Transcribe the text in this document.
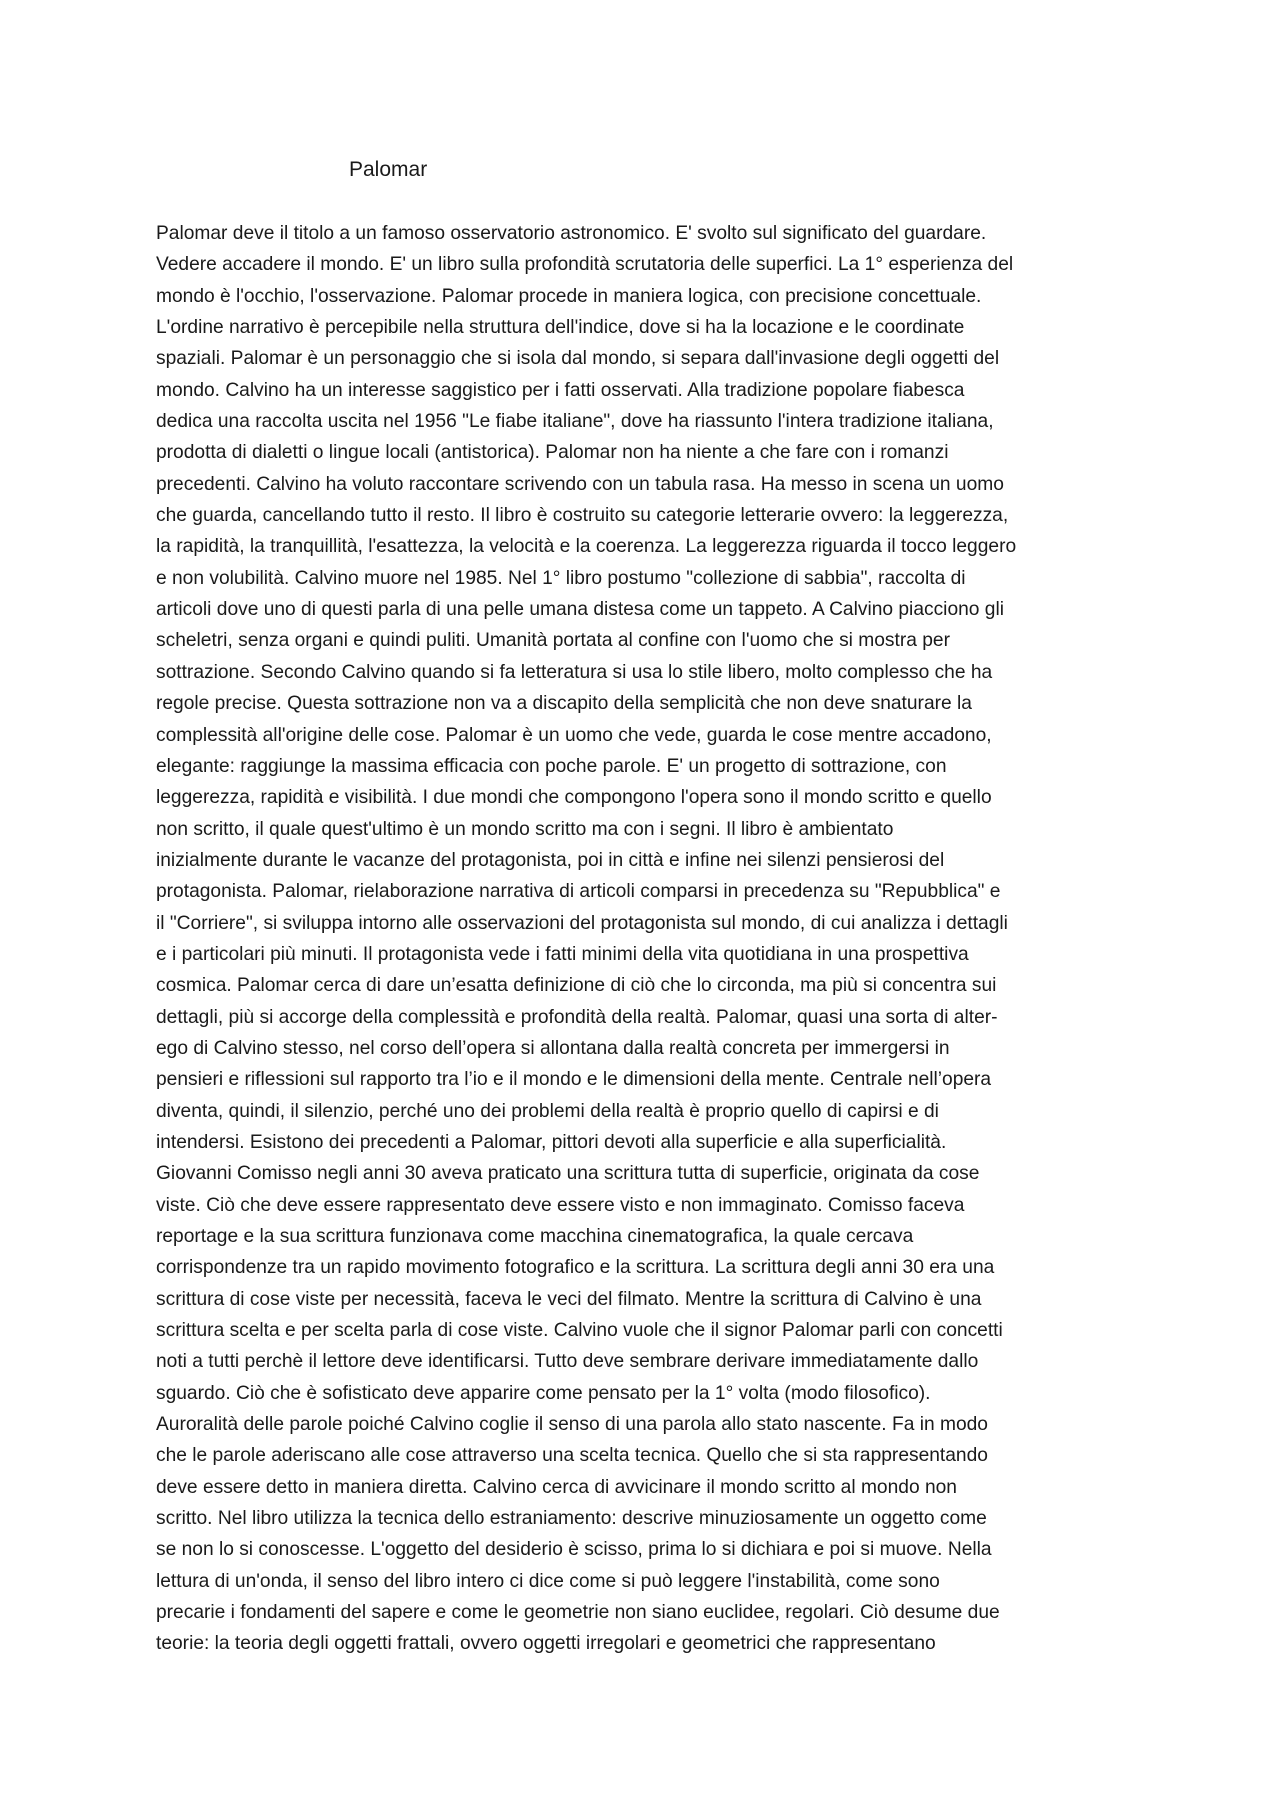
Palomar
Palomar deve il titolo a un famoso osservatorio astronomico. E' svolto sul significato del guardare.
Vedere accadere il mondo. E' un libro sulla profondità scrutatoria delle superfici. La 1° esperienza del
mondo è l'occhio, l'osservazione. Palomar procede in maniera logica, con precisione concettuale.
L'ordine narrativo è percepibile nella struttura dell'indice, dove si ha la locazione e le coordinate
spaziali. Palomar è un personaggio che si isola dal mondo, si separa dall'invasione degli oggetti del
mondo. Calvino ha un interesse saggistico per i fatti osservati. Alla tradizione popolare fiabesca
dedica una raccolta uscita nel 1956 "Le fiabe italiane", dove ha riassunto l'intera tradizione italiana,
prodotta di dialetti o lingue locali (antistorica). Palomar non ha niente a che fare con i romanzi
precedenti. Calvino ha voluto raccontare scrivendo con un tabula rasa. Ha messo in scena un uomo
che guarda, cancellando tutto il resto. Il libro è costruito su categorie letterarie ovvero: la leggerezza,
la rapidità, la tranquillità, l'esattezza, la velocità e la coerenza. La leggerezza riguarda il tocco leggero
e non volubilità. Calvino muore nel 1985. Nel 1° libro postumo "collezione di sabbia", raccolta di
articoli dove uno di questi parla di una pelle umana distesa come un tappeto. A Calvino piacciono gli
scheletri, senza organi e quindi puliti. Umanità portata al confine con l'uomo che si mostra per
sottrazione. Secondo Calvino quando si fa letteratura si usa lo stile libero, molto complesso che ha
regole precise. Questa sottrazione non va a discapito della semplicità che non deve snaturare la
complessità all'origine delle cose. Palomar è un uomo che vede, guarda le cose mentre accadono,
elegante: raggiunge la massima efficacia con poche parole. E' un progetto di sottrazione, con
leggerezza, rapidità e visibilità. I due mondi che compongono l'opera sono il mondo scritto e quello
non scritto, il quale quest'ultimo è un mondo scritto ma con i segni. Il libro è ambientato
inizialmente durante le vacanze del protagonista, poi in città e infine nei silenzi pensierosi del
protagonista. Palomar, rielaborazione narrativa di articoli comparsi in precedenza su "Repubblica" e
il "Corriere", si sviluppa intorno alle osservazioni del protagonista sul mondo, di cui analizza i dettagli
e i particolari più minuti. Il protagonista vede i fatti minimi della vita quotidiana in una prospettiva
cosmica. Palomar cerca di dare un’esatta definizione di ciò che lo circonda, ma più si concentra sui
dettagli, più si accorge della complessità e profondità della realtà. Palomar, quasi una sorta di alter-
ego di Calvino stesso, nel corso dell’opera si allontana dalla realtà concreta per immergersi in
pensieri e riflessioni sul rapporto tra l’io e il mondo e le dimensioni della mente. Centrale nell’opera
diventa, quindi, il silenzio, perché uno dei problemi della realtà è proprio quello di capirsi e di
intendersi. Esistono dei precedenti a Palomar, pittori devoti alla superficie e alla superficialità.
Giovanni Comisso negli anni 30 aveva praticato una scrittura tutta di superficie, originata da cose
viste. Ciò che deve essere rappresentato deve essere visto e non immaginato. Comisso faceva
reportage e la sua scrittura funzionava come macchina cinematografica, la quale cercava
corrispondenze tra un rapido movimento fotografico e la scrittura. La scrittura degli anni 30 era una
scrittura di cose viste per necessità, faceva le veci del filmato. Mentre la scrittura di Calvino è una
scrittura scelta e per scelta parla di cose viste. Calvino vuole che il signor Palomar parli con concetti
noti a tutti perchè il lettore deve identificarsi. Tutto deve sembrare derivare immediatamente dallo
sguardo. Ciò che è sofisticato deve apparire come pensato per la 1° volta (modo filosofico).
Auroralità delle parole poiché Calvino coglie il senso di una parola allo stato nascente. Fa in modo
che le parole aderiscano alle cose attraverso una scelta tecnica. Quello che si sta rappresentando
deve essere detto in maniera diretta. Calvino cerca di avvicinare il mondo scritto al mondo non
scritto. Nel libro utilizza la tecnica dello estraniamento: descrive minuziosamente un oggetto come
se non lo si conoscesse. L'oggetto del desiderio è scisso, prima lo si dichiara e poi si muove. Nella
lettura di un'onda, il senso del libro intero ci dice come si può leggere l'instabilità, come sono
precarie i fondamenti del sapere e come le geometrie non siano euclidee, regolari. Ciò desume due
teorie: la teoria degli oggetti frattali, ovvero oggetti irregolari e geometrici che rappresentano
